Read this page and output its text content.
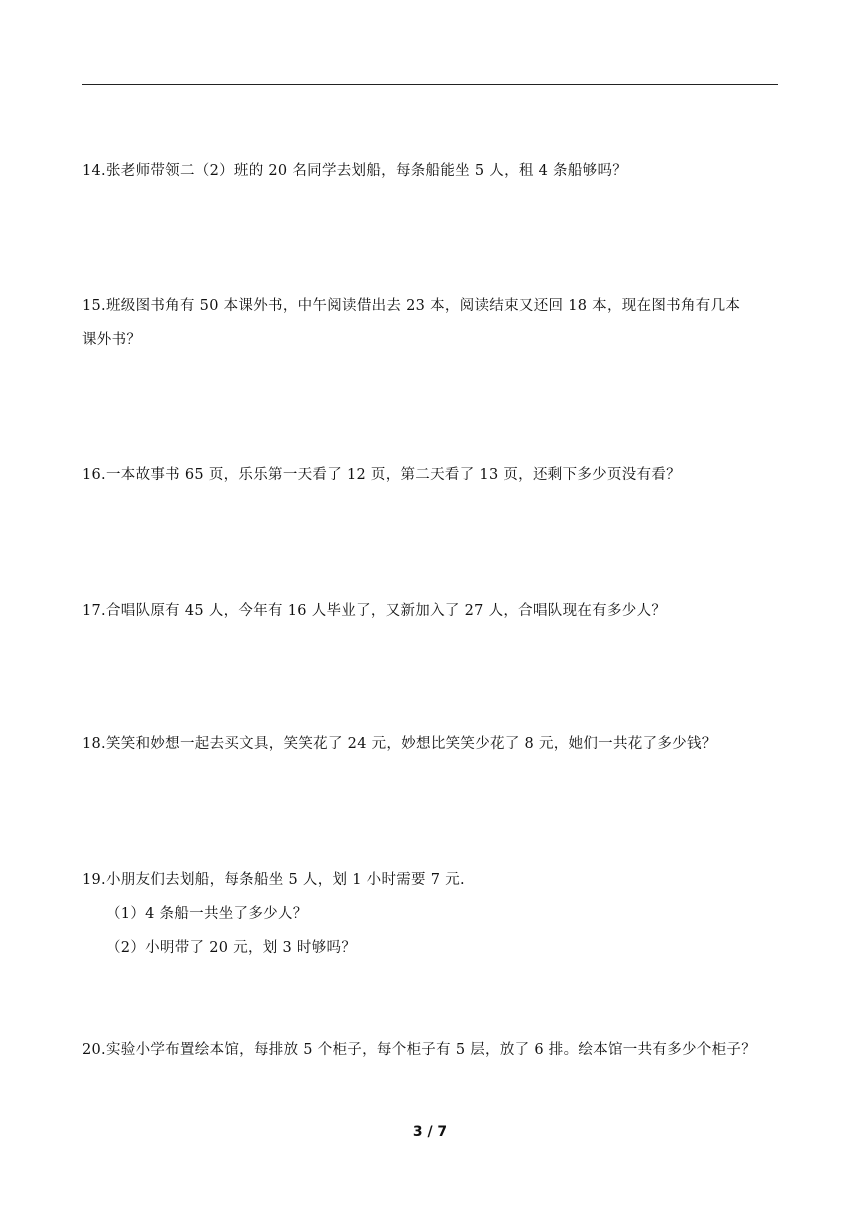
14.张老师带领二（2）班的 20 名同学去划船，每条船能坐 5 人，租 4 条船够吗？
15.班级图书角有 50 本课外书，中午阅读借出去 23 本，阅读结束又还回 18 本，现在图书角有几本
课外书？
16.一本故事书 65 页，乐乐第一天看了 12 页，第二天看了 13 页，还剩下多少页没有看？
17.合唱队原有 45 人，今年有 16 人毕业了，又新加入了 27 人，合唱队现在有多少人？
18.笑笑和妙想一起去买文具，笑笑花了 24 元，妙想比笑笑少花了 8 元，她们一共花了多少钱？
19.小朋友们去划船，每条船坐 5 人，划 1 小时需要 7 元.
（1）4 条船一共坐了多少人？
（2）小明带了 20 元，划 3 时够吗？
20.实验小学布置绘本馆，每排放 5 个柜子，每个柜子有 5 层，放了 6 排。绘本馆一共有多少个柜子？
3 / 7
